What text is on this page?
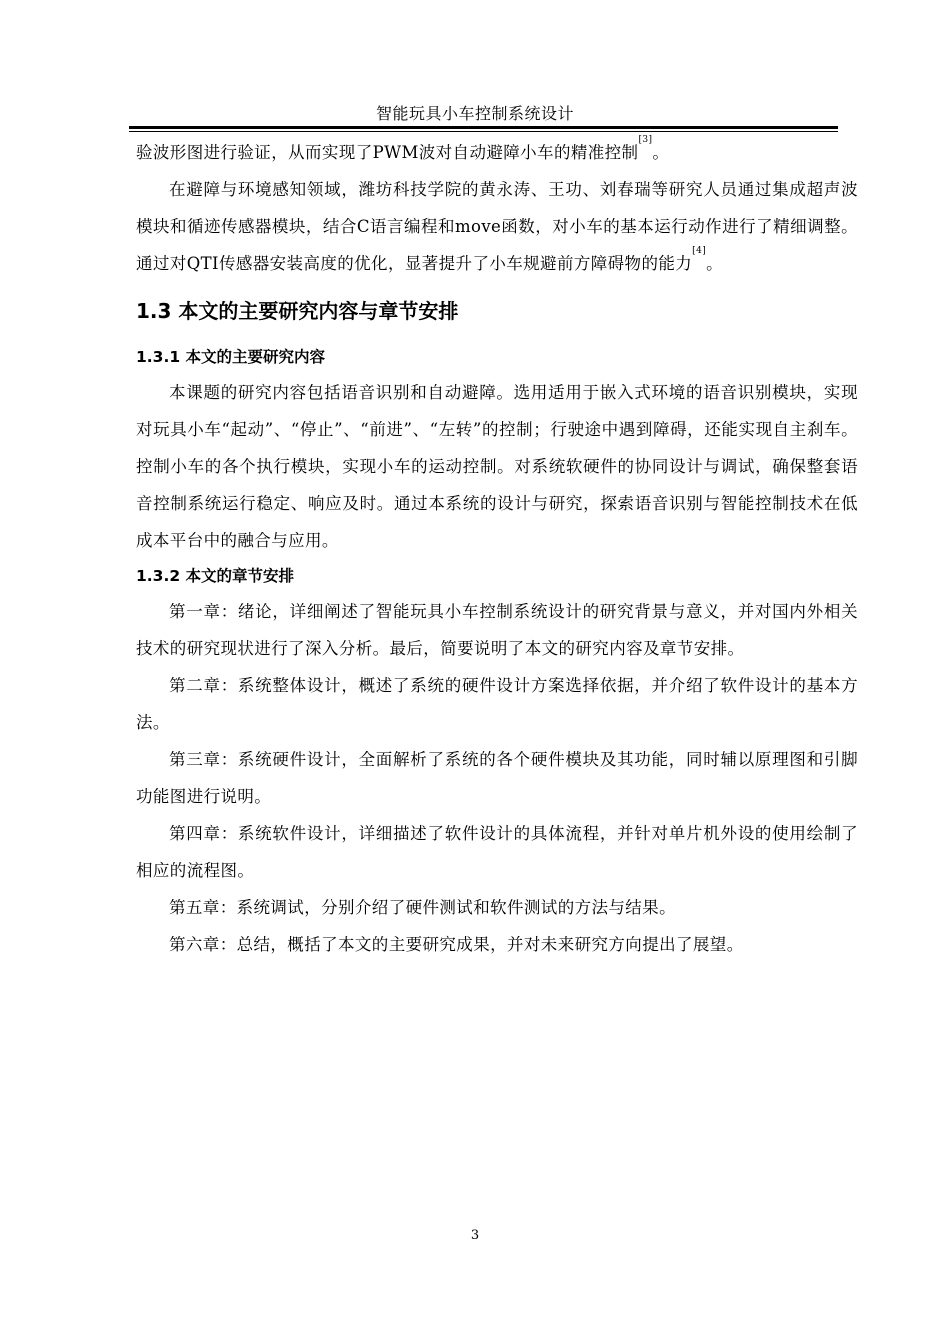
智能玩具小车控制系统设计

验波形图进行验证，从而实现了PWM波对自动避障小车的精准控制[3]。

在避障与环境感知领域，潍坊科技学院的黄永涛、王功、刘春瑞等研究人员通过集成超声波模块和循迹传感器模块，结合C语言编程和move函数，对小车的基本运行动作进行了精细调整。通过对QTI传感器安装高度的优化，显著提升了小车规避前方障碍物的能力[4]。

1.3 本文的主要研究内容与章节安排
1.3.1 本文的主要研究内容

本课题的研究内容包括语音识别和自动避障。选用适用于嵌入式环境的语音识别模块，实现对玩具小车“起动”、“停止”、“前进”、“左转”的控制；行驶途中遇到障碍，还能实现自主刹车。控制小车的各个执行模块，实现小车的运动控制。对系统软硬件的协同设计与调试，确保整套语音控制系统运行稳定、响应及时。通过本系统的设计与研究，探索语音识别与智能控制技术在低成本平台中的融合与应用。

1.3.2 本文的章节安排

第一章：绪论，详细阐述了智能玩具小车控制系统设计的研究背景与意义，并对国内外相关技术的研究现状进行了深入分析。最后，简要说明了本文的研究内容及章节安排。

第二章：系统整体设计，概述了系统的硬件设计方案选择依据，并介绍了软件设计的基本方法。

第三章：系统硬件设计，全面解析了系统的各个硬件模块及其功能，同时辅以原理图和引脚功能图进行说明。

第四章：系统软件设计，详细描述了软件设计的具体流程，并针对单片机外设的使用绘制了相应的流程图。

第五章：系统调试，分别介绍了硬件测试和软件测试的方法与结果。

第六章：总结，概括了本文的主要研究成果，并对未来研究方向提出了展望。

3
